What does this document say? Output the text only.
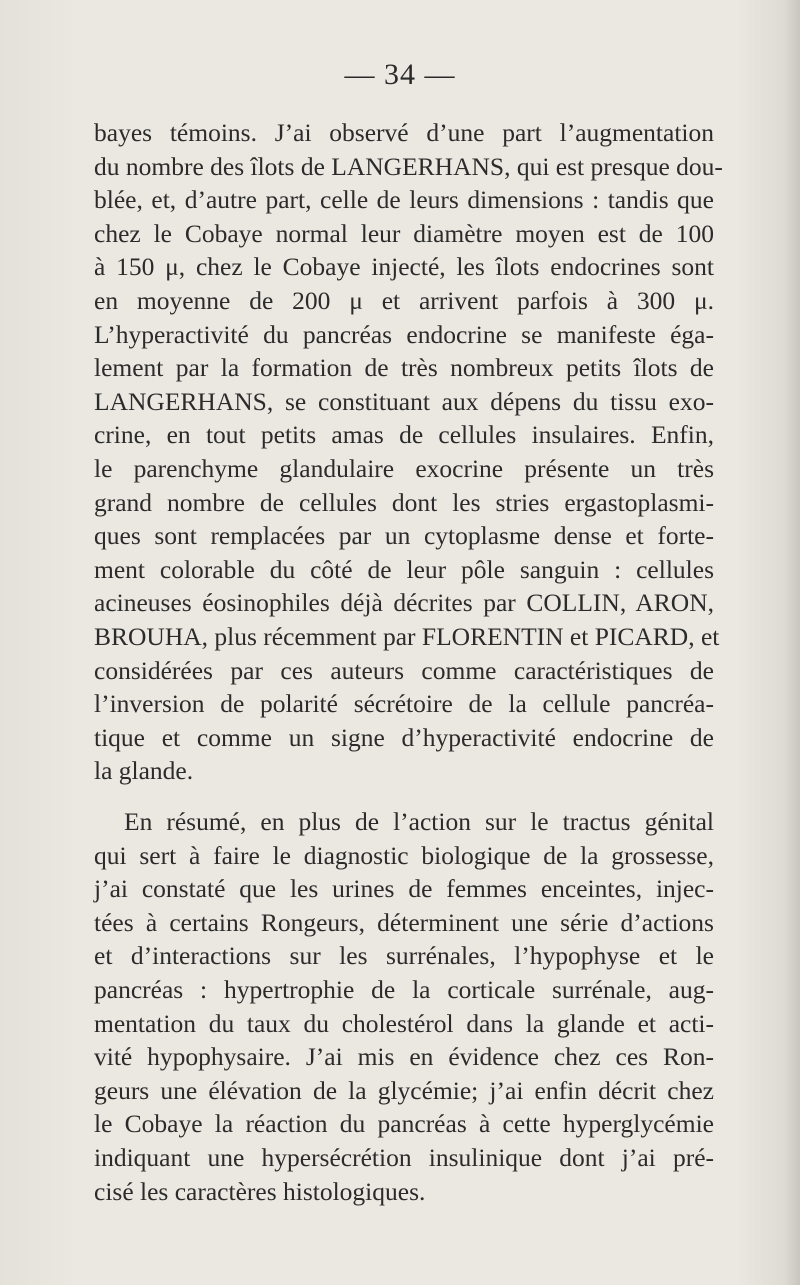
— 34 —
bayes témoins. J’ai observé d’une part l’augmentation
du nombre des îlots de LANGERHANS, qui est presque dou-
blée, et, d’autre part, celle de leurs dimensions : tandis que
chez le Cobaye normal leur diamètre moyen est de 100
à 150 μ, chez le Cobaye injecté, les îlots endocrines sont
en moyenne de 200 μ et arrivent parfois à 300 μ.
L’hyperactivité du pancréas endocrine se manifeste éga-
lement par la formation de très nombreux petits îlots de
LANGERHANS, se constituant aux dépens du tissu exo-
crine, en tout petits amas de cellules insulaires. Enfin,
le parenchyme glandulaire exocrine présente un très
grand nombre de cellules dont les stries ergastoplasmi-
ques sont remplacées par un cytoplasme dense et forte-
ment colorable du côté de leur pôle sanguin : cellules
acineuses éosinophiles déjà décrites par COLLIN, ARON,
BROUHA, plus récemment par FLORENTIN et PICARD, et
considérées par ces auteurs comme caractéristiques de
l’inversion de polarité sécrétoire de la cellule pancréa-
tique et comme un signe d’hyperactivité endocrine de
la glande.
En résumé, en plus de l’action sur le tractus génital
qui sert à faire le diagnostic biologique de la grossesse,
j’ai constaté que les urines de femmes enceintes, injec-
tées à certains Rongeurs, déterminent une série d’actions
et d’interactions sur les surrénales, l’hypophyse et le
pancréas : hypertrophie de la corticale surrénale, aug-
mentation du taux du cholestérol dans la glande et acti-
vité hypophysaire. J’ai mis en évidence chez ces Ron-
geurs une élévation de la glycémie; j’ai enfin décrit chez
le Cobaye la réaction du pancréas à cette hyperglycémie
indiquant une hypersécrétion insulinique dont j’ai pré-
cisé les caractères histologiques.
